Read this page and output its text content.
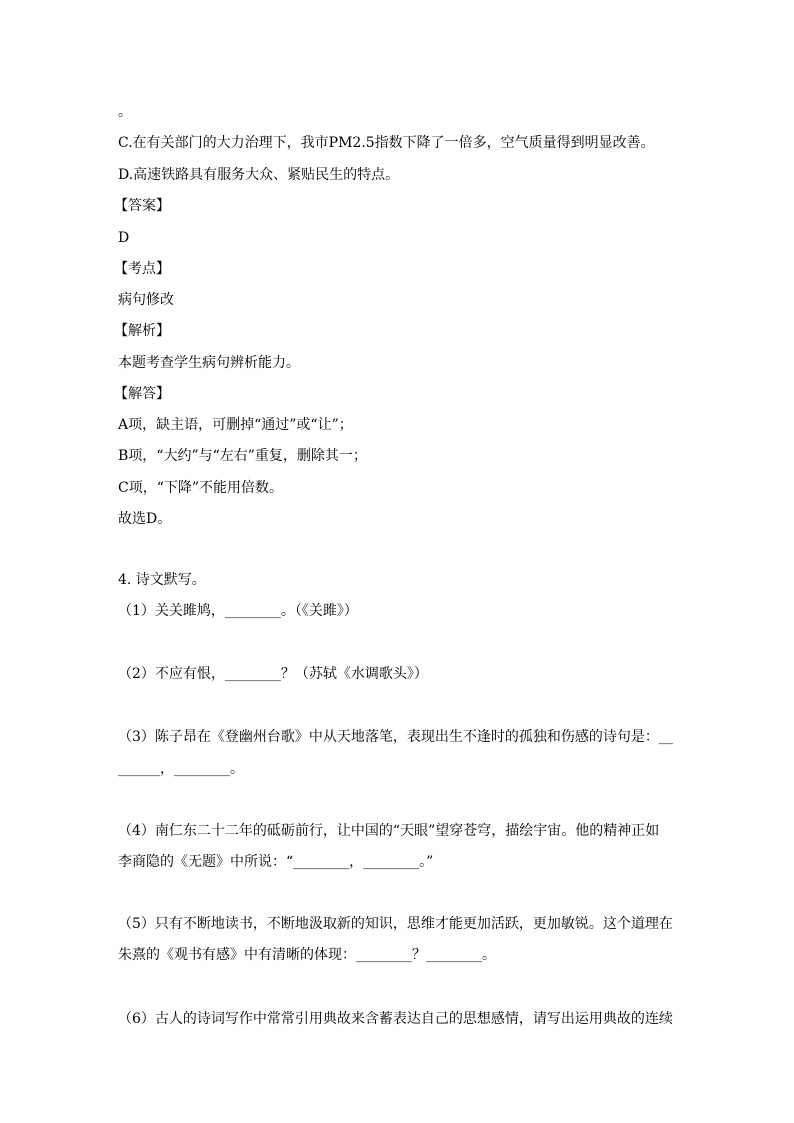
。
C.在有关部门的大力治理下，我市PM2.5指数下降了一倍多，空气质量得到明显改善。
D.高速铁路具有服务大众、紧贴民生的特点。
【答案】
D
【考点】
病句修改
【解析】
本题考查学生病句辨析能力。
【解答】
A项，缺主语，可删掉“通过”或“让”；
B项，“大约”与“左右”重复，删除其一；
C项，“下降”不能用倍数。
故选D。
4. 诗文默写。
（1）关关雎鸠，________。（《关雎》）
（2）不应有恨，________？（苏轼《水调歌头》）
（3）陈子昂在《登幽州台歌》中从天地落笔，表现出生不逢时的孤独和伤感的诗句是：__
______，________。
（4）南仁东二十二年的砥砺前行，让中国的“天眼”望穿苍穹，描绘宇宙。他的精神正如
李商隐的《无题》中所说：“________，________。”
（5）只有不断地读书，不断地汲取新的知识，思维才能更加活跃，更加敏锐。这个道理在
朱熹的《观书有感》中有清晰的体现：________？________。
（6）古人的诗词写作中常常引用典故来含蓄表达自己的思想感情，请写出运用典故的连续
